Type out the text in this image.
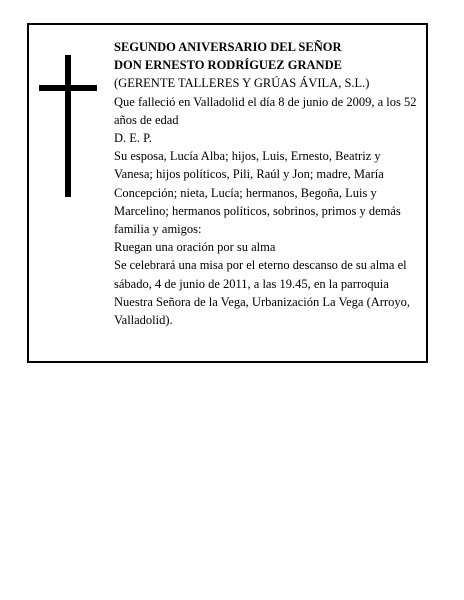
SEGUNDO ANIVERSARIO DEL SEÑOR

DON ERNESTO RODRÍGUEZ GRANDE

(GERENTE TALLERES Y GRÚAS ÁVILA, S.L.)

Que falleció en Valladolid el día 8 de junio de 2009, a los 52 años de edad

D. E. P.

Su esposa, Lucía Alba; hijos, Luis, Ernesto, Beatriz y Vanesa; hijos políticos, Pili, Raúl y Jon; madre, María Concepción; nieta, Lucía; hermanos, Begoña, Luis y Marcelino; hermanos políticos, sobrinos, primos y demás familia y amigos:

Ruegan una oración por su alma

Se celebrará una misa por el eterno descanso de su alma el sábado, 4 de junio de 2011, a las 19.45, en la parroquia Nuestra Señora de la Vega, Urbanización La Vega (Arroyo, Valladolid).
